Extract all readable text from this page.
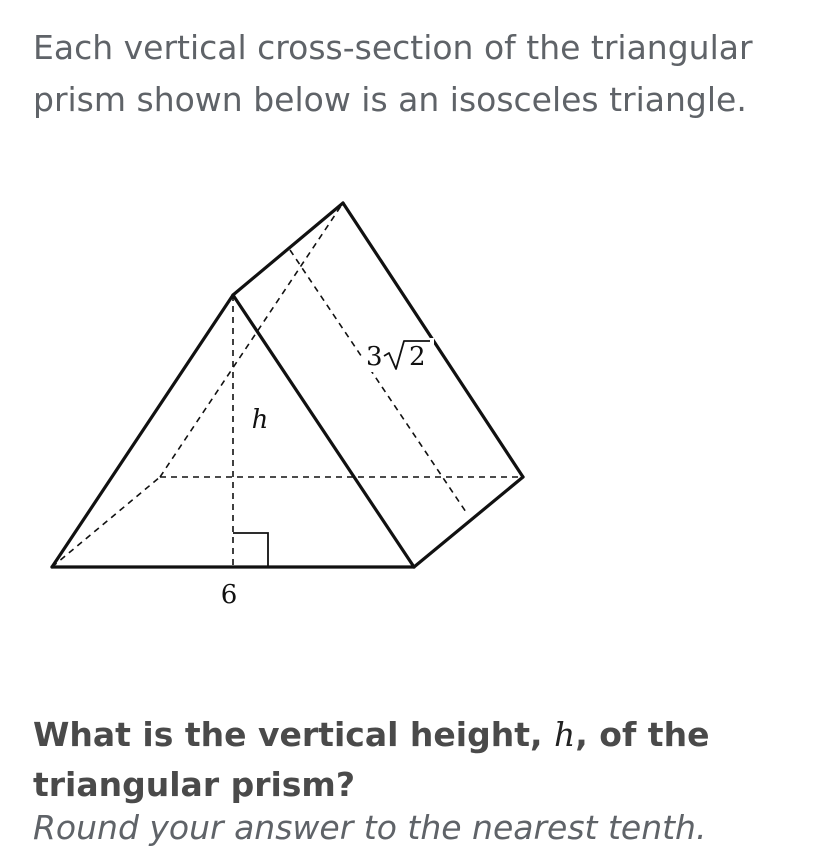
Each vertical cross-section of the triangular prism shown below is an isosceles triangle.

6
h
3 2

What is the vertical height, h, of the triangular prism?

Round your answer to the nearest tenth.
